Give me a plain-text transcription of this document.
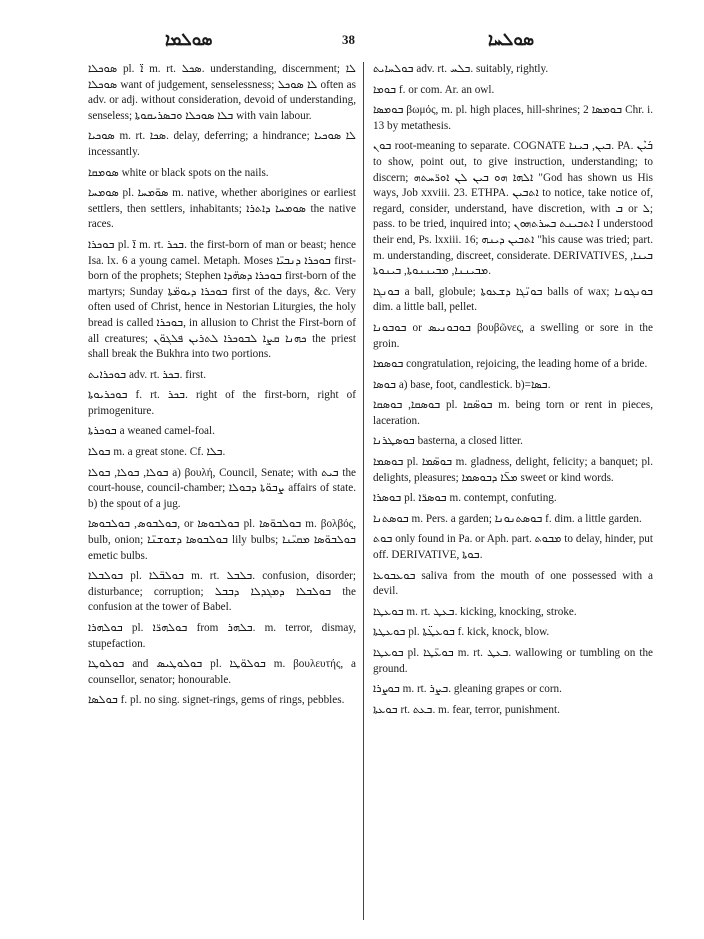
ܣܘܠܡܐ	38	ܣܘܠܚܐ

ܣܘܟܠܐ pl. ܐ̈ m. rt. ܣܟܠ. understanding, discernment; ܠܐ ܣܘܟܠܐ want of judgement, senselessness; ܠܐ ܣܘܟܠ often as adv. or adj. without consideration, devoid of understanding, senseless; ܒܠܐ ܣܘܟܠܐ ܘܒܣܪܝܩܘܬܐ with vain labour.

ܣܘܟܝܐ m. rt. ܣܟܐ. delay, deferring; a hindrance; ܠܐ ܣܘܟܝܐ incessantly.

ܣܘܡܩܐ white or black spots on the nails.

ܣܘܡܚܐ pl. ܣܘ̈ܡܚܐ m. native, whether aborigines or earliest settlers, then settlers, inhabitants; ܣܘܡܚܐ ܕܐܬܪܐ the native races.

ܒܘܟܪܐ pl. ܐ̈ m. rt. ܒܟܪ. the first-born of man or beast; hence Isa. lx. 6 a young camel. Metaph. Moses ܒܘܟܪܐ ܕܢܒܝ̈ܐ first-born of the prophets; Stephen ܒܘܟܪܐ ܕܣܗ̈ܕܐ first-born of the martyrs; Sunday ܒܘܟܪܐ ܕܝܘܡ̈ܬܐ first of the days, &c. Very often used of Christ, hence in Nestorian Liturgies, the holy bread is called ܒܘܟܪܐ, in allusion to Christ the First-born of all creatures; ܟܗܢܐ ܩܨܐ ܠܒܘܟܪܐ ܠܬܪܝܢ ܦܠܓܘ̈ܢ the priest shall break the Bukhra into two portions.

ܒܘܟܪܐܝܬ adv. rt. ܒܟܪ. first.

ܒܘܟܪܝܘܬܐ f. rt. ܒܟܪ. right of the first-born, right of primogeniture.

ܒܘܟܪܬܐ a weaned camel-foal.

ܒܘܠܐ m. a great stone. Cf. ܒܠܐ.

ܒܘܠܐ, ܒܘܠܐ, ܒܘܠܐ a) βουλή, Council, Senate; with ܒܝܬ the court-house, council-chamber; ܨܒܘ̈ܬܐ ܕܒܘܠܐ affairs of state. b) the spout of a jug.

ܒܘܠܒܘܣ, ܒܘܠܒܘܣܐ, or ܒܘܠܒܘܣܐ pl. ܒܘܠܒܘ̈ܣܐ m. βολβός, bulb, onion; ܒܘܠܒܘܣܐ ܕܫܘܫܢ̈ܐ lily bulbs; ܒܘܠܒܘ̈ܣܐ ܡܩܝ̈ܢܐ emetic bulbs.

ܒܘܠܒܠܐ pl. ܒܘܠܒ̈ܠܐ m. rt. ܒܠܒܠ. confusion, disorder; disturbance; corruption; ܒܘܠܒܠܐ ܕܡܓܕܠܐ ܕܒܒܠ the confusion at the tower of Babel.

ܒܘܠܗܪܐ pl. ܒܘܠܗܪ̈ܐ from ܒܠܗܪ. m. terror, dismay, stupefaction.

ܒܘܠܘܛܐ and ܒܘܠܘܛܝܣ pl. ܒܘܠܘ̈ܛܐ m. βουλευτής, a counsellor, senator; honourable.

ܒܘܠܣܐ f. pl. no sing. signet-rings, gems of rings, pebbles.

ܒܘܠܚܐܝܬ adv. rt. ܒܠܚ. suitably, rightly.

ܒܘܡܐ f. or com. Ar. an owl.

ܒܘܡܣܐ βωμός, m. pl. high places, hill-shrines; ܒܘܡܣܐ 2 Chr. i. 13 by metathesis.

ܒܘܢ root-meaning to separate. COGNATE ܒܝܢ, ܒܝܢܐ. PA. ܒܰܝܶܢ to show, point out, to give instruction, understanding; to discern; ܐܠܗܐ ܗܘ ܒܝܢ ܠܢ ܐܘܪ̈ܚܬܗ "God has shown us His ways, Job xxviii. 23. ETHPA. ܐܬܒܝܢ to notice, take notice of, regard, consider, understand, have discretion, with ܒ or ܠ; pass. to be tried, inquired into; ܐܬܒܝܢܬ ܒܚܪܬܗܘܢ I understood their end, Ps. lxxiii. 16; ܐܬܒܝܢ ܕܝܢܗ "his cause was tried; part. m. understanding, discreet, considerate. DERIVATIVES, ܒܝܢܐ, ܡܒܝܢܢܐ, ܡܒܝܢܢܘܬܐ, ܒܝܢܘܬܐ.

ܒܘܢܓܐ a ball, globule; ܒܘܢ̈ܓܐ ܕܫܥܘܬܐ balls of wax; ܒܘܢܓܘܢܐ dim. a little ball, pellet.

ܒܘܒܘܢܐ or ܒܘܒܘܢܝܣ βουβῶνες, a swelling or sore in the groin.

ܒܘܣܡܐ congratulation, rejoicing, the leading home of a bride.

ܒܘܣܐ a) base, foot, candlestick. b)=ܒܣܐ.

ܒܘܣܩܐ, ܒܘܣܩܐ pl. ܒܘܣ̈ܩܐ m. being torn or rent in pieces, laceration.

ܒܘܣܛܪܢܐ basterna, a closed litter.

ܒܘܣܡܐ pl. ܒܘܣ̈ܡܐ m. gladness, delight, felicity; a banquet; pl. delights, pleasures; ܡܠ̈ܐ ܕܒܘܣܡܐ sweet or kind words.

ܒܘܣܪܐ pl. ܒܘܣܪ̈ܐ m. contempt, confuting.

ܒܘܣܬܢܐ m. Pers. a garden; ܒܘܣܬܢܘܢܐ f. dim. a little garden.

ܒܘܬ only found in Pa. or Aph. part. ܡܒܘܬ to delay, hinder, put off. DERIVATIVE, ܒܘܬܐ.

ܒܘܥܒܘܥܐ saliva from the mouth of one possessed with a devil.

ܒܘܥܛܐ m. rt. ܒܥܛ. kicking, knocking, stroke.

ܒܘܥܛܬܐ pl. ܒܘܥܛ̈ܬܐ f. kick, knock, blow.

ܒܘܥܛܐ pl. ܒܘܥ̈ܛܐ m. rt. ܒܥܛ. wallowing or tumbling on the ground.

ܒܘܨܪܐ m. rt. ܒܨܪ. gleaning grapes or corn.

ܒܘܥܬܐ rt. ܒܥܬ. m. fear, terror, punishment.
